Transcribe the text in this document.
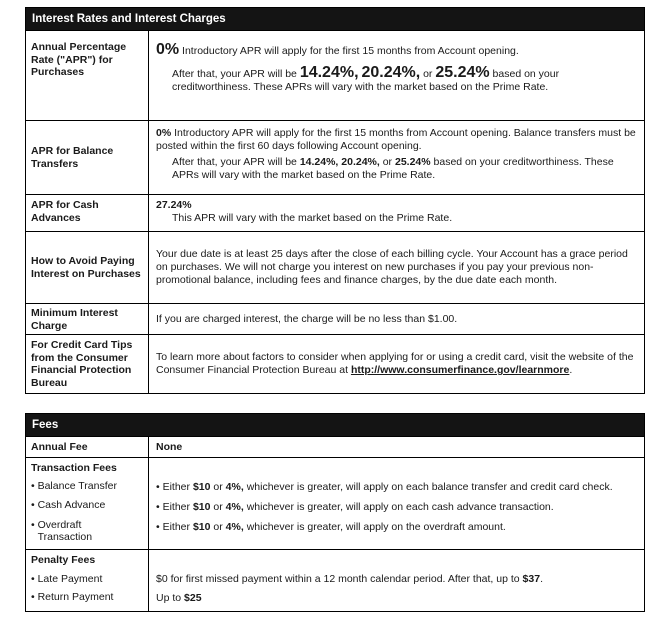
Interest Rates and Interest Charges
Annual Percentage Rate ("APR") for Purchases
0% Introductory APR will apply for the first 15 months from Account opening.
After that, your APR will be 14.24%, 20.24%, or 25.24% based on your creditworthiness. These APRs will vary with the market based on the Prime Rate.
APR for Balance Transfers
0% Introductory APR will apply for the first 15 months from Account opening. Balance transfers must be posted within the first 60 days following Account opening.
After that, your APR will be 14.24%, 20.24%, or 25.24% based on your creditworthiness. These APRs will vary with the market based on the Prime Rate.
APR for Cash Advances
27.24%
This APR will vary with the market based on the Prime Rate.
How to Avoid Paying Interest on Purchases
Your due date is at least 25 days after the close of each billing cycle. Your Account has a grace period on purchases. We will not charge you interest on new purchases if you pay your previous non-promotional balance, including fees and finance charges, by the due date each month.
Minimum Interest Charge
If you are charged interest, the charge will be no less than $1.00.
For Credit Card Tips from the Consumer Financial Protection Bureau
To learn more about factors to consider when applying for or using a credit card, visit the website of the Consumer Financial Protection Bureau at http://www.consumerfinance.gov/learnmore.
Fees
Annual Fee	None
Transaction Fees
• Balance Transfer
• Cash Advance
• Overdraft Transaction
• Either $10 or 4%, whichever is greater, will apply on each balance transfer and credit card check.
• Either $10 or 4%, whichever is greater, will apply on each cash advance transaction.
• Either $10 or 4%, whichever is greater, will apply on the overdraft amount.
Penalty Fees
• Late Payment
• Return Payment
$0 for first missed payment within a 12 month calendar period. After that, up to $37.
Up to $25
